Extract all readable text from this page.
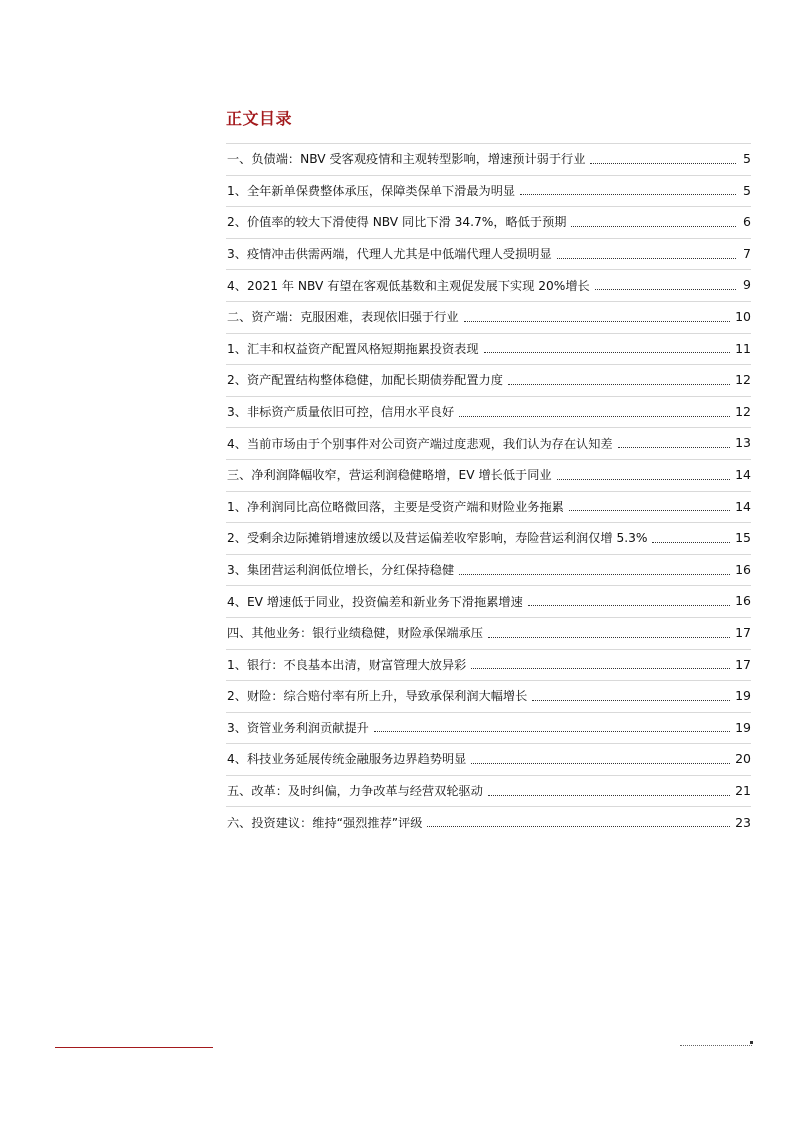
正文目录
一、负债端：NBV 受客观疫情和主观转型影响，增速预计弱于行业	5
1、全年新单保费整体承压，保障类保单下滑最为明显	5
2、价值率的较大下滑使得 NBV 同比下滑 34.7%，略低于预期	6
3、疫情冲击供需两端，代理人尤其是中低端代理人受损明显	7
4、2021 年 NBV 有望在客观低基数和主观促发展下实现 20%增长	9
二、资产端：克服困难，表现依旧强于行业	10
1、汇丰和权益资产配置风格短期拖累投资表现	11
2、资产配置结构整体稳健，加配长期债券配置力度	12
3、非标资产质量依旧可控，信用水平良好	12
4、当前市场由于个别事件对公司资产端过度悲观，我们认为存在认知差	13
三、净利润降幅收窄，营运利润稳健略增，EV 增长低于同业	14
1、净利润同比高位略微回落，主要是受资产端和财险业务拖累	14
2、受剩余边际摊销增速放缓以及营运偏差收窄影响，寿险营运利润仅增 5.3%	15
3、集团营运利润低位增长，分红保持稳健	16
4、EV 增速低于同业，投资偏差和新业务下滑拖累增速	16
四、其他业务：银行业绩稳健，财险承保端承压	17
1、银行：不良基本出清，财富管理大放异彩	17
2、财险：综合赔付率有所上升，导致承保利润大幅增长	19
3、资管业务利润贡献提升	19
4、科技业务延展传统金融服务边界趋势明显	20
五、改革：及时纠偏，力争改革与经营双轮驱动	21
六、投资建议：维持“强烈推荐”评级	23
